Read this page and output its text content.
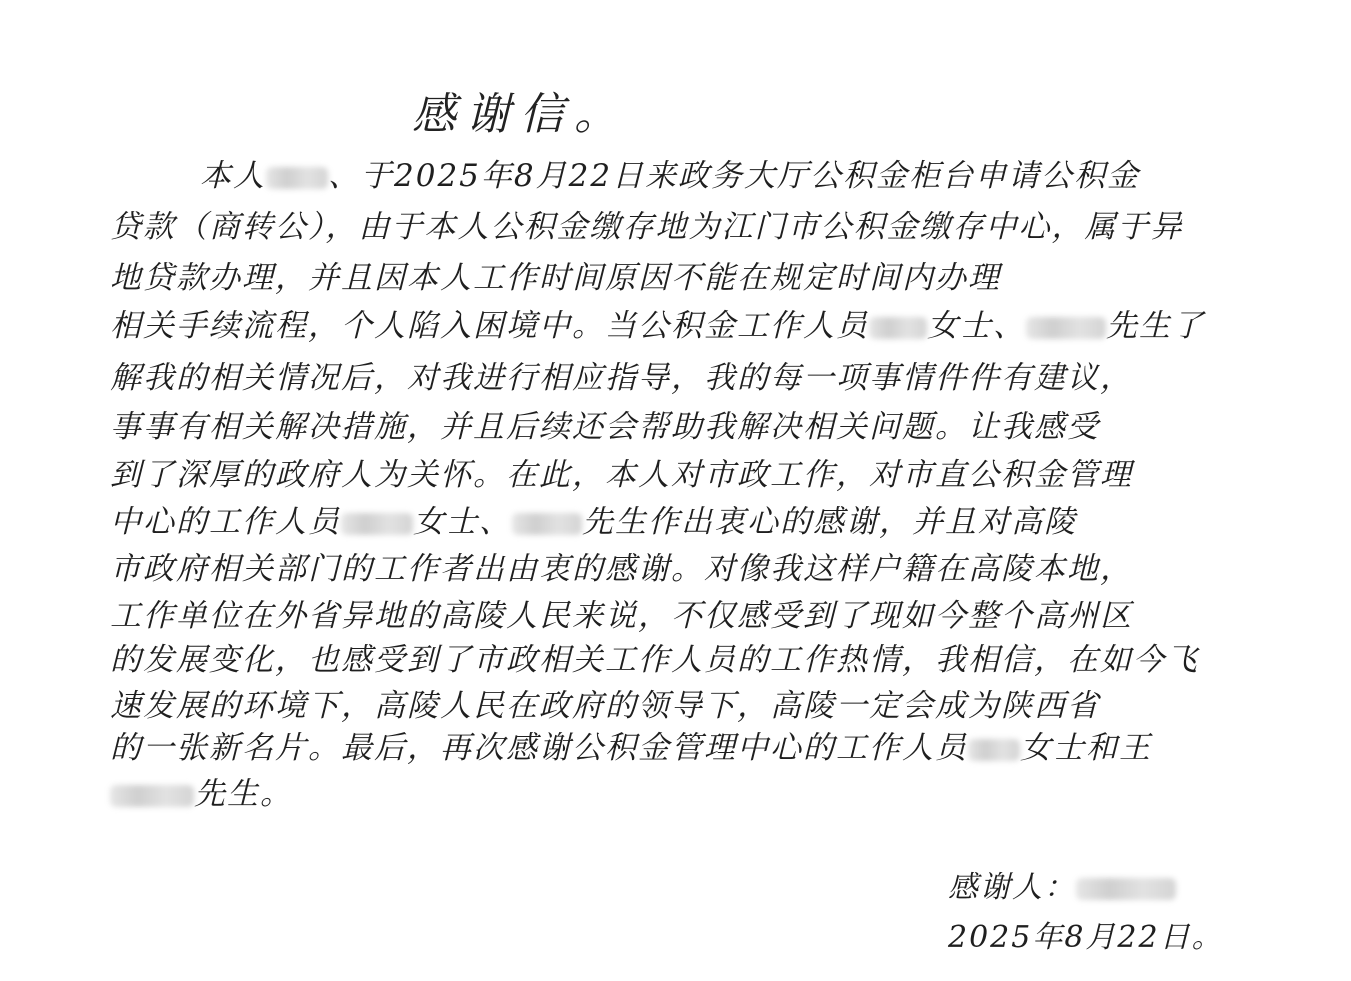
感谢信。
本人 、于2025年8月22日来政务大厅公积金柜台申请公积金
贷款（商转公），由于本人公积金缴存地为江门市公积金缴存中心，属于异
地贷款办理，并且因本人工作时间原因不能在规定时间内办理
相关手续流程，个人陷入困境中。当公积金工作人员 女士、	先生了
解我的相关情况后，对我进行相应指导，我的每一项事情件件有建议，
事事有相关解决措施，并且后续还会帮助我解决相关问题。让我感受
到了深厚的政府人为关怀。在此，本人对市政工作，对市直公积金管理
中心的工作人员 女士、 先生作出衷心的感谢，并且对高陵
市政府相关部门的工作者出由衷的感谢。对像我这样户籍在高陵本地，
工作单位在外省异地的高陵人民来说，不仅感受到了现如今整个高州区
的发展变化，也感受到了市政相关工作人员的工作热情，我相信，在如今飞
速发展的环境下，高陵人民在政府的领导下，高陵一定会成为陕西省
的一张新名片。最后，再次感谢公积金管理中心的工作人员 女士和王
先生。
感谢人：
2025年8月22日。
